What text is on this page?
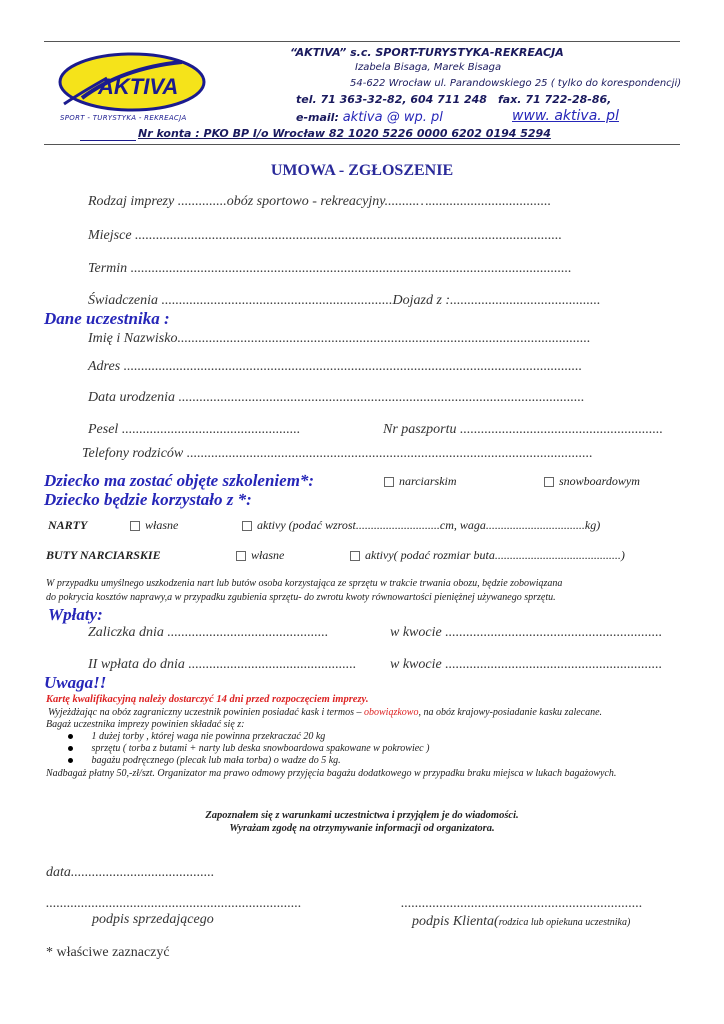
AKTIVA
SPORT - TURYSTYKA - REKREACJA
“AKTIVA” s.c. SPORT-TURYSTYKA-REKREACJA
Izabela Bisaga, Marek Bisaga
54-622 Wrocław ul. Parandowskiego 25 ( tylko do korespondencji)
tel. 71 363-32-82, 604 711 248 fax. 71 722-28-86,
e-mail: aktiva @ wp. pl	www. aktiva. pl
Nr konta : PKO BP I/o Wrocław 82 1020 5226 0000 6202 0194 5294
UMOWA - ZGŁOSZENIE
Rodzaj imprezy ..............obóz sportowo - rekreacyjny.........…...................................
Miejsce ..........................................................................................................................
Termin ..............................................................................................................................
Świadczenia ..................................................................Dojazd z :...........................................
Dane uczestnika :
Imię i Nazwisko......................................................................................................................
Adres ...................................................................................................................................
Data urodzenia ....................................................................................................................
Pesel ...................................................	Nr paszportu ..........................................................
Telefony rodziców ....................................................................................................................
Dziecko ma zostać objęte szkoleniem*:	narciarskim	snowboardowym
Dziecko będzie korzystało z *:
NARTY	własne	aktivy (podać wzrost............................cm, waga.................................kg)
BUTY NARCIARSKIE	własne	aktivy( podać rozmiar buta..........................................)
W przypadku umyślnego uszkodzenia nart lub butów osoba korzystająca ze sprzętu w trakcie trwania obozu, będzie zobowiązana
do pokrycia kosztów naprawy,a w przypadku zgubienia sprzętu- do zwrotu kwoty równowartości pieniężnej używanego sprzętu.
Wpłaty:
Zaliczka dnia ..............................................	w kwocie ..............................................................
II wpłata do dnia ................................................ w kwocie ..............................................................
Uwaga!!
Kartę kwalifikacyjną należy dostarczyć 14 dni przed rozpoczęciem imprezy.
Wyjeżdżając na obóz zagraniczny uczestnik powinien posiadać kask i termos – obowiązkowo, na obóz krajowy-posiadanie kasku zalecane.
Bagaż uczestnika imprezy powinien składać się z:
1 dużej torby , której waga nie powinna przekraczać 20 kg
sprzętu ( torba z butami + narty lub deska snowboardowa spakowane w pokrowiec )
bagażu podręcznego (plecak lub mała torba) o wadze do 5 kg.
Nadbagaż płatny 50,-zł/szt. Organizator ma prawo odmowy przyjęcia bagażu dodatkowego w przypadku braku miejsca w lukach bagażowych.
Zapoznałem się z warunkami uczestnictwa i przyjąłem je do wiadomości.
Wyrażam zgodę na otrzymywanie informacji od organizatora.
data.........................................
.........................................................................	.....................................................................
podpis sprzedającego	podpis Klienta(rodzica lub opiekuna uczestnika)
* właściwe zaznaczyć
